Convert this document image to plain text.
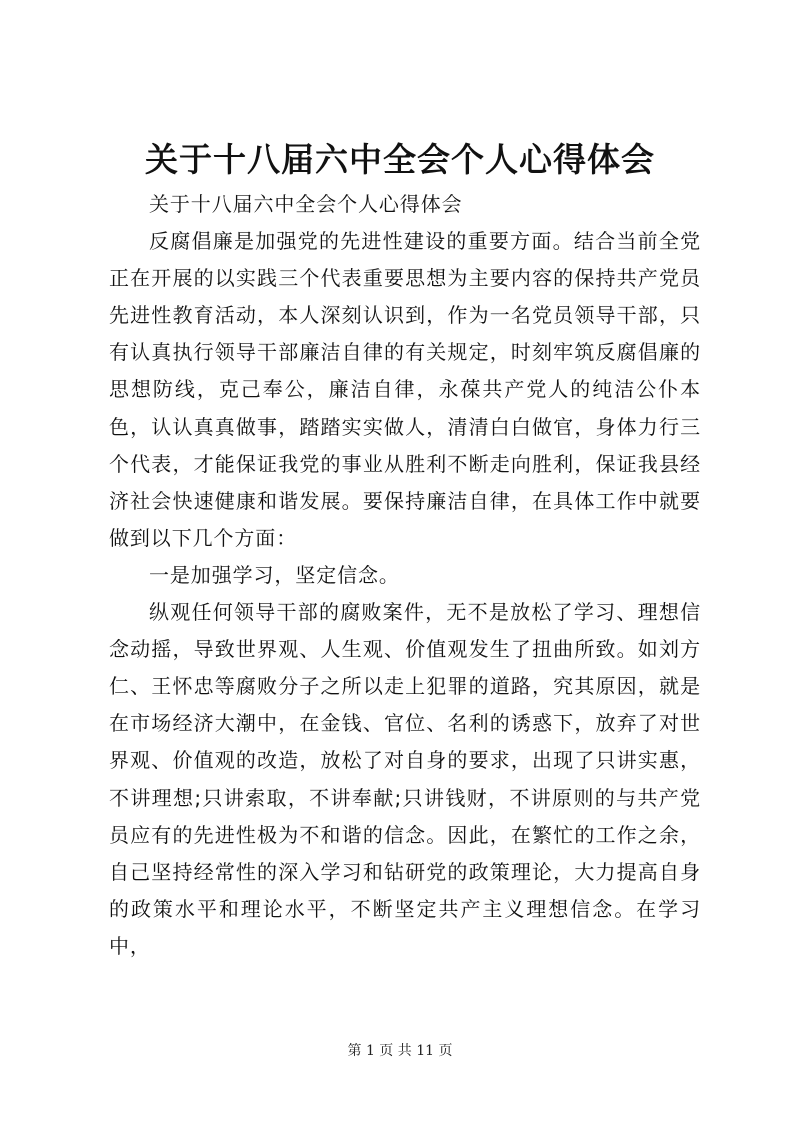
关于十八届六中全会个人心得体会

关于十八届六中全会个人心得体会

反腐倡廉是加强党的先进性建设的重要方面。结合当前全党正在开展的以实践三个代表重要思想为主要内容的保持共产党员先进性教育活动，本人深刻认识到，作为一名党员领导干部，只有认真执行领导干部廉洁自律的有关规定，时刻牢筑反腐倡廉的思想防线，克己奉公，廉洁自律，永葆共产党人的纯洁公仆本色，认认真真做事，踏踏实实做人，清清白白做官，身体力行三个代表，才能保证我党的事业从胜利不断走向胜利，保证我县经济社会快速健康和谐发展。要保持廉洁自律，在具体工作中就要做到以下几个方面：

一是加强学习，坚定信念。

纵观任何领导干部的腐败案件，无不是放松了学习、理想信念动摇，导致世界观、人生观、价值观发生了扭曲所致。如刘方仁、王怀忠等腐败分子之所以走上犯罪的道路，究其原因，就是在市场经济大潮中，在金钱、官位、名利的诱惑下，放弃了对世界观、价值观的改造，放松了对自身的要求，出现了只讲实惠，不讲理想;只讲索取，不讲奉献;只讲钱财，不讲原则的与共产党员应有的先进性极为不和谐的信念。因此，在繁忙的工作之余，自己坚持经常性的深入学习和钻研党的政策理论，大力提高自身的政策水平和理论水平，不断坚定共产主义理想信念。在学习中，

第 1 页 共 11 页
